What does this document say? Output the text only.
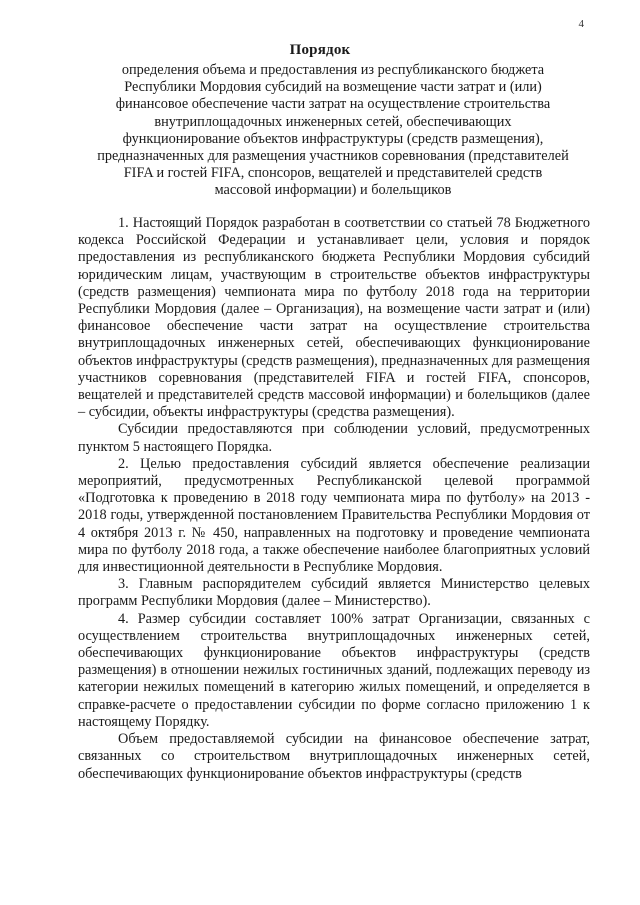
4
Порядок
определения объема и предоставления из республиканского бюджета
Республики Мордовия субсидий на возмещение части затрат и (или)
финансовое обеспечение части затрат на осуществление строительства
внутриплощадочных инженерных сетей, обеспечивающих
функционирование объектов инфраструктуры (средств размещения),
предназначенных для размещения участников соревнования (представителей
FIFA и гостей FIFA, спонсоров, вещателей и представителей средств
массовой информации) и болельщиков

1. Настоящий Порядок разработан в соответствии со статьей 78 Бюджетного кодекса Российской Федерации и устанавливает цели, условия и порядок предоставления из республиканского бюджета Республики Мордовия субсидий юридическим лицам, участвующим в строительстве объектов инфраструктуры (средств размещения) чемпионата мира по футболу 2018 года на территории Республики Мордовия (далее – Организация), на возмещение части затрат и (или) финансовое обеспечение части затрат на осуществление строительства внутриплощадочных инженерных сетей, обеспечивающих функционирование объектов инфраструктуры (средств размещения), предназначенных для размещения участников соревнования (представителей FIFA и гостей FIFA, спонсоров, вещателей и представителей средств массовой информации) и болельщиков (далее – субсидии, объекты инфраструктуры (средства размещения).

Субсидии предоставляются при соблюдении условий, предусмотренных пунктом 5 настоящего Порядка.

2. Целью предоставления субсидий является обеспечение реализации мероприятий, предусмотренных Республиканской целевой программой «Подготовка к проведению в 2018 году чемпионата мира по футболу» на 2013 - 2018 годы, утвержденной постановлением Правительства Республики Мордовия от 4 октября 2013 г. № 450, направленных на подготовку и проведение чемпионата мира по футболу 2018 года, а также обеспечение наиболее благоприятных условий для инвестиционной деятельности в Республике Мордовия.

3. Главным распорядителем субсидий является Министерство целевых программ Республики Мордовия (далее – Министерство).

4. Размер субсидии составляет 100% затрат Организации, связанных с осуществлением строительства внутриплощадочных инженерных сетей, обеспечивающих функционирование объектов инфраструктуры (средств размещения) в отношении нежилых гостиничных зданий, подлежащих переводу из категории нежилых помещений в категорию жилых помещений, и определяется в справке-расчете о предоставлении субсидии по форме согласно приложению 1 к настоящему Порядку.

Объем предоставляемой субсидии на финансовое обеспечение затрат, связанных со строительством внутриплощадочных инженерных сетей, обеспечивающих функционирование объектов инфраструктуры (средств
